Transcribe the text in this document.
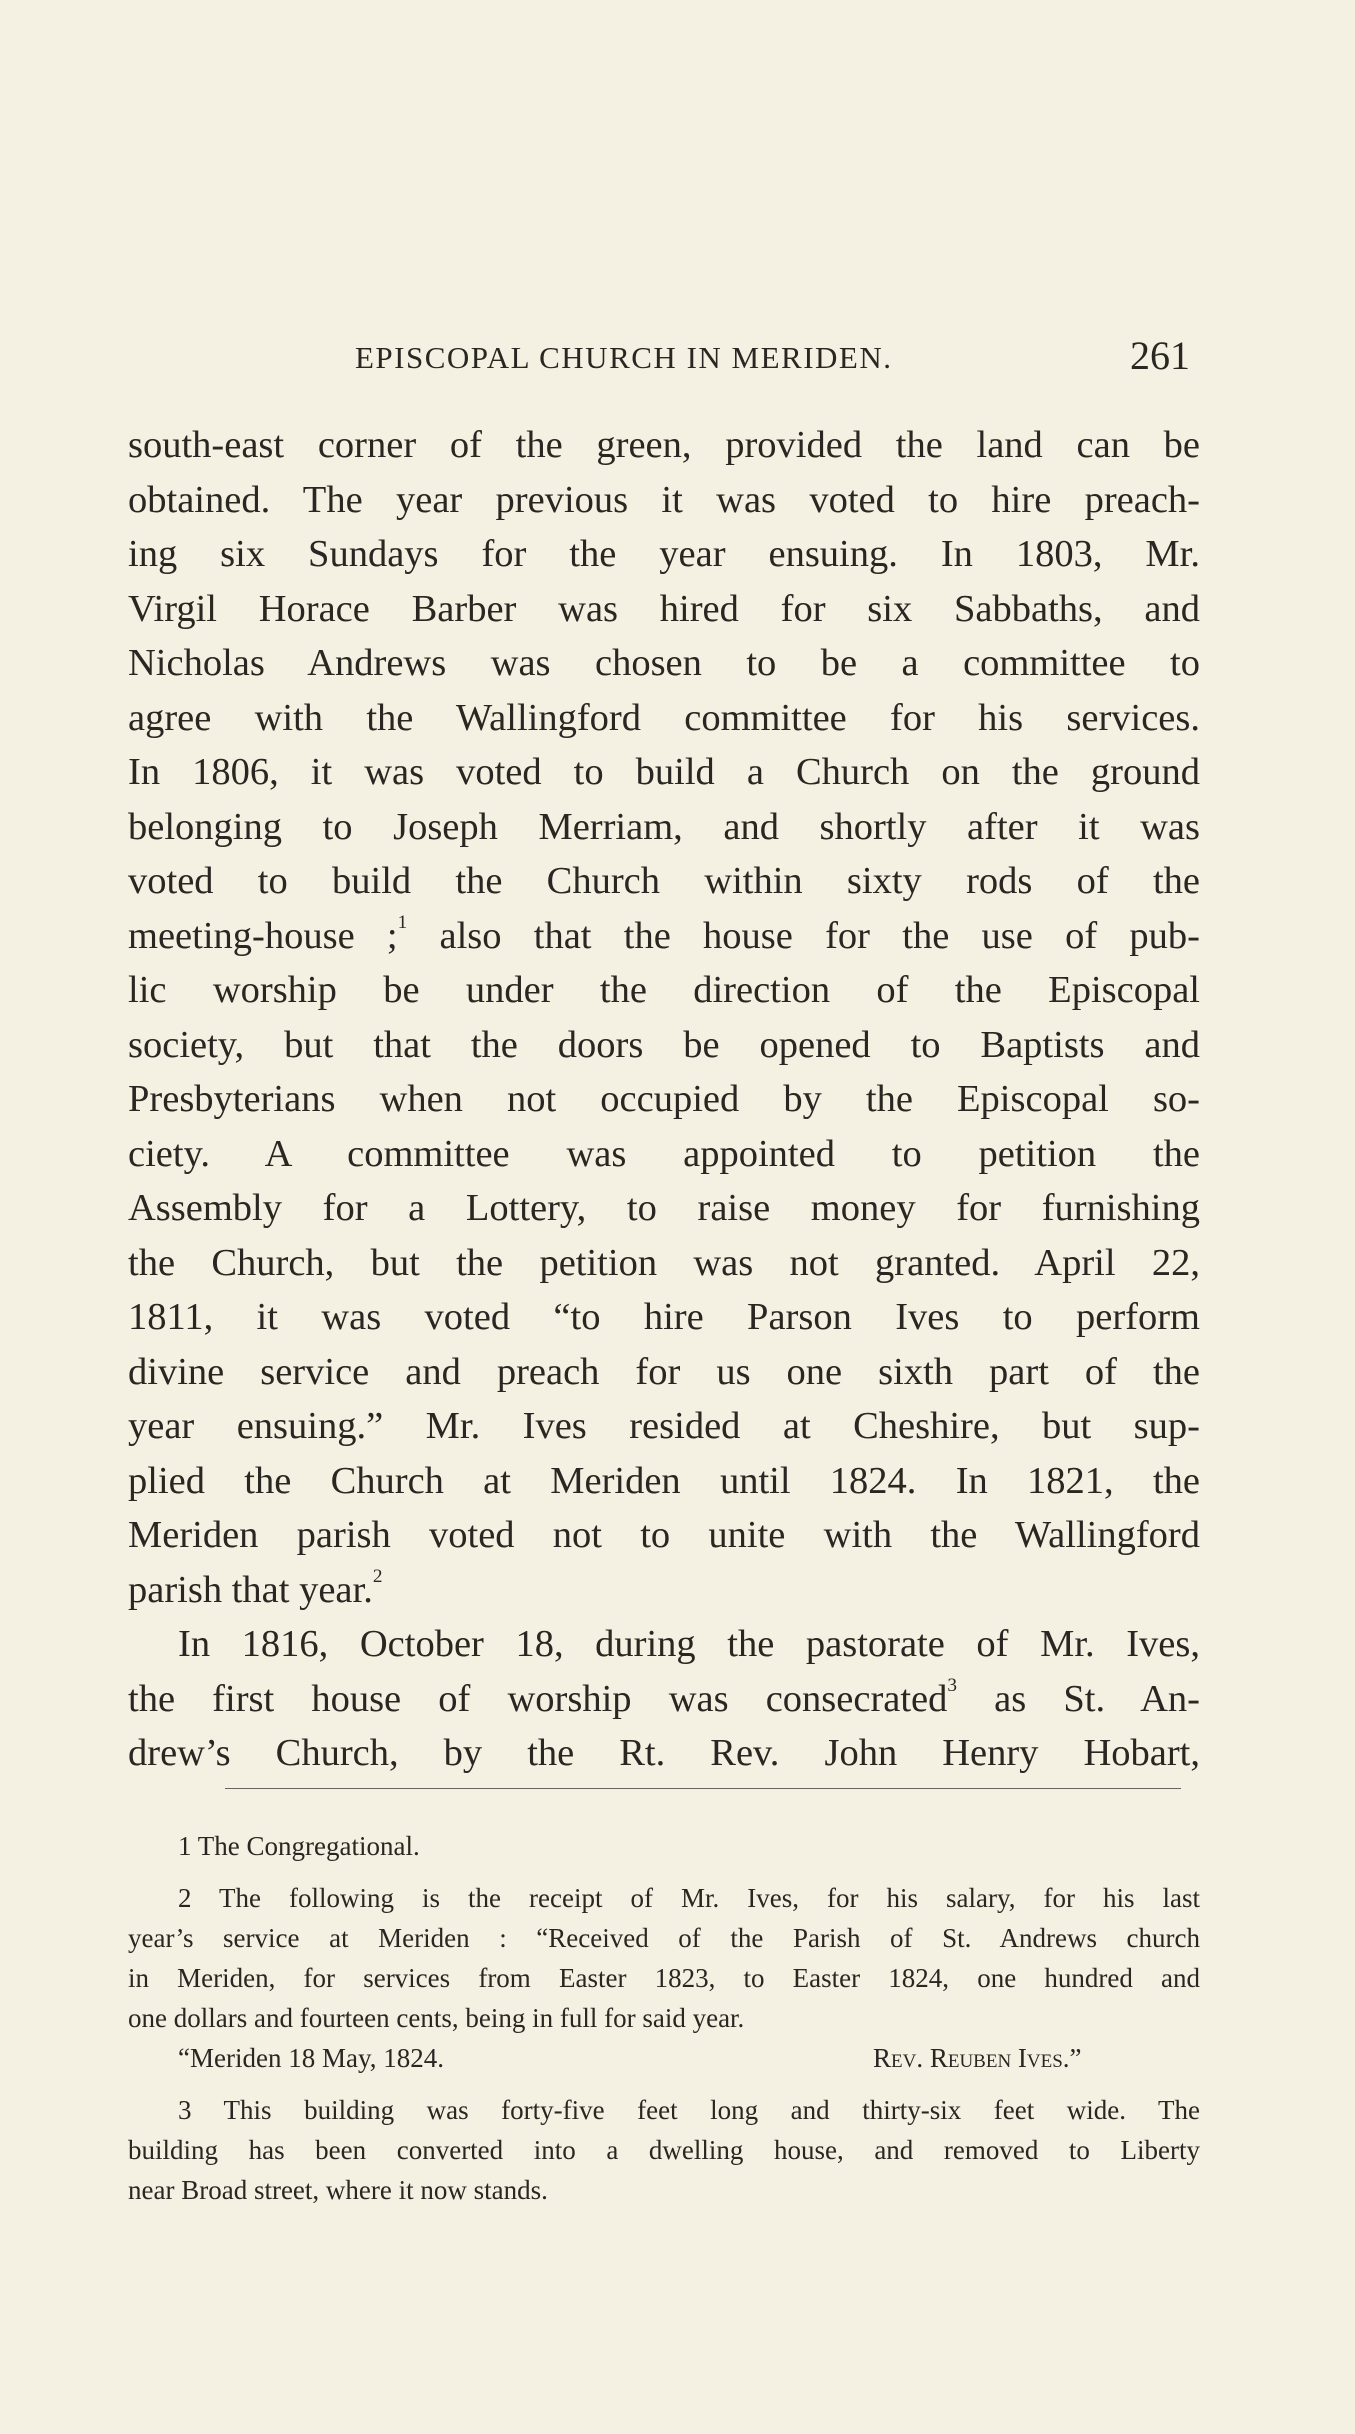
EPISCOPAL CHURCH IN MERIDEN.	261
south-east corner of the green, provided the land can be
obtained. The year previous it was voted to hire preach-
ing six Sundays for the year ensuing. In 1803, Mr.
Virgil Horace Barber was hired for six Sabbaths, and
Nicholas Andrews was chosen to be a committee to
agree with the Wallingford committee for his services.
In 1806, it was voted to build a Church on the ground
belonging to Joseph Merriam, and shortly after it was
voted to build the Church within sixty rods of the
meeting-house ;$^1$ also that the house for the use of pub-
lic worship be under the direction of the Episcopal
society, but that the doors be opened to Baptists and
Presbyterians when not occupied by the Episcopal so-
ciety. A committee was appointed to petition the
Assembly for a Lottery, to raise money for furnishing
the Church, but the petition was not granted. April 22,
1811, it was voted “to hire Parson Ives to perform
divine service and preach for us one sixth part of the
year ensuing.” Mr. Ives resided at Cheshire, but sup-
plied the Church at Meriden until 1824. In 1821, the
Meriden parish voted not to unite with the Wallingford
parish that year.$^2$
In 1816, October 18, during the pastorate of Mr. Ives,
the first house of worship was consecrated$^3$ as St. An-
drew’s Church, by the Rt. Rev. John Henry Hobart,
1 The Congregational.
2 The following is the receipt of Mr. Ives, for his salary, for his last
year’s service at Meriden : “Received of the Parish of St. Andrews church
in Meriden, for services from Easter 1823, to Easter 1824, one hundred and
one dollars and fourteen cents, being in full for said year.
“Meriden 18 May, 1824.	Rev. Reuben Ives.”
3 This building was forty-five feet long and thirty-six feet wide. The
building has been converted into a dwelling house, and removed to Liberty
near Broad street, where it now stands.
